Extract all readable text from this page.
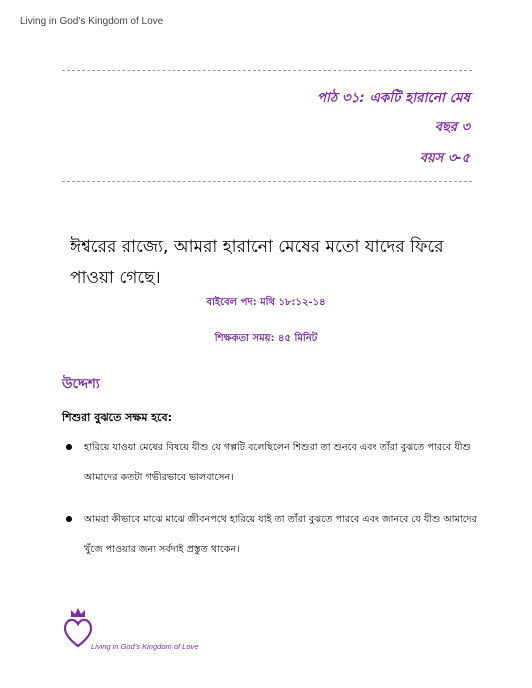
Living in God’s Kingdom of Love
পাঠ ৩১: একটি হারানো মেষ
বছর ৩
বয়স ৩-৫
ঈশ্বরের রাজ্যে, আমরা হারানো মেষের মতো যাদের ফিরে পাওয়া গেছে।
বাইবেল পদ: মথি ১৮:১২-১৪
শিক্ষকতা সময়: ৪৫ মিনিট
উদ্দেশ্য
শিশুরা বুঝতে সক্ষম হবে:
হারিয়ে যাওয়া মেষের বিষয়ে যীশু যে গল্পটি বলেছিলেন শিশুরা তা শুনবে এবং তাঁরা বুঝতে পারবে যীশু আমাদের কতটা গভীরভাবে ভালবাসেন।
আমরা কীভাবে মাঝে মাঝে জীবনপথে হারিয়ে যাই তা তাঁরা বুঝতে পারবে এবং জানবে যে যীশু আমাদের খুঁজে পাওয়ার জন্য সর্বদাই প্রস্তুত থাকেন।
Living in God’s Kingdom of Love
